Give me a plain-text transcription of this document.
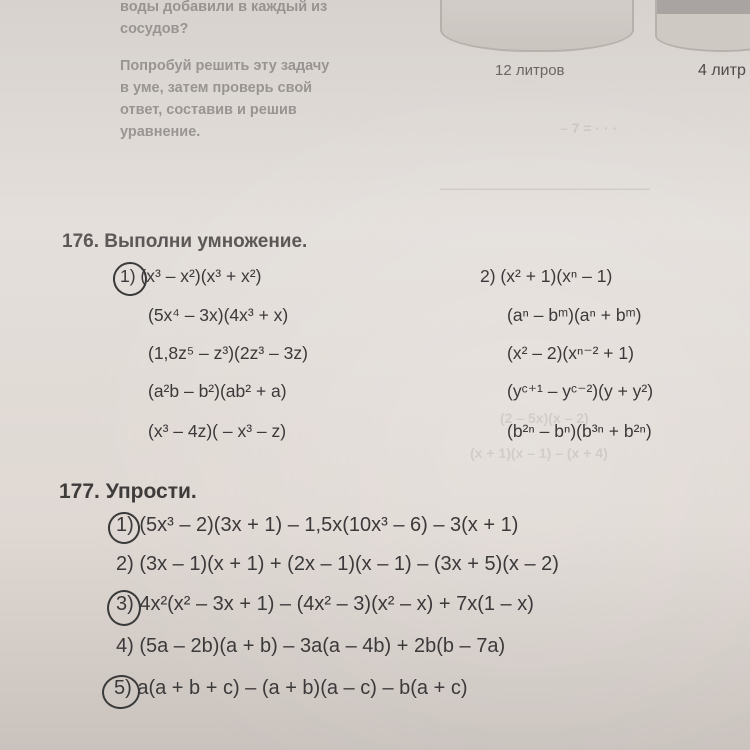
– 7 = · · ·
———————————————
(2 – 5x)(x – 2)
(x + 1)(x – 1) – (x + 4)
воды добавили в каждый из
сосудов?
Попробуй решить эту задачу
в уме, затем проверь свой
ответ, составив и решив
уравнение.
12 литров	4 литр
176. Выполни умножение.
1) (x³ – x²)(x³ + x²)
(5x⁴ – 3x)(4x³ + x)
(1,8z⁵ – z³)(2z³ – 3z)
(a²b – b²)(ab² + a)
(x³ – 4z)( – x³ – z)
2) (x² + 1)(xⁿ – 1)
(aⁿ – bᵐ)(aⁿ + bᵐ)
(x² – 2)(xⁿ⁻² + 1)
(yᶜ⁺¹ – yᶜ⁻²)(y + y²)
(b²ⁿ – bⁿ)(b³ⁿ + b²ⁿ)
177. Упрости.
1) (5x³ – 2)(3x + 1) – 1,5x(10x³ – 6) – 3(x + 1)
2) (3x – 1)(x + 1) + (2x – 1)(x – 1) – (3x + 5)(x – 2)
3) 4x²(x² – 3x + 1) – (4x² – 3)(x² – x) + 7x(1 – x)
4) (5a – 2b)(a + b) – 3a(a – 4b) + 2b(b – 7a)
5) a(a + b + c) – (a + b)(a – c) – b(a + c)
